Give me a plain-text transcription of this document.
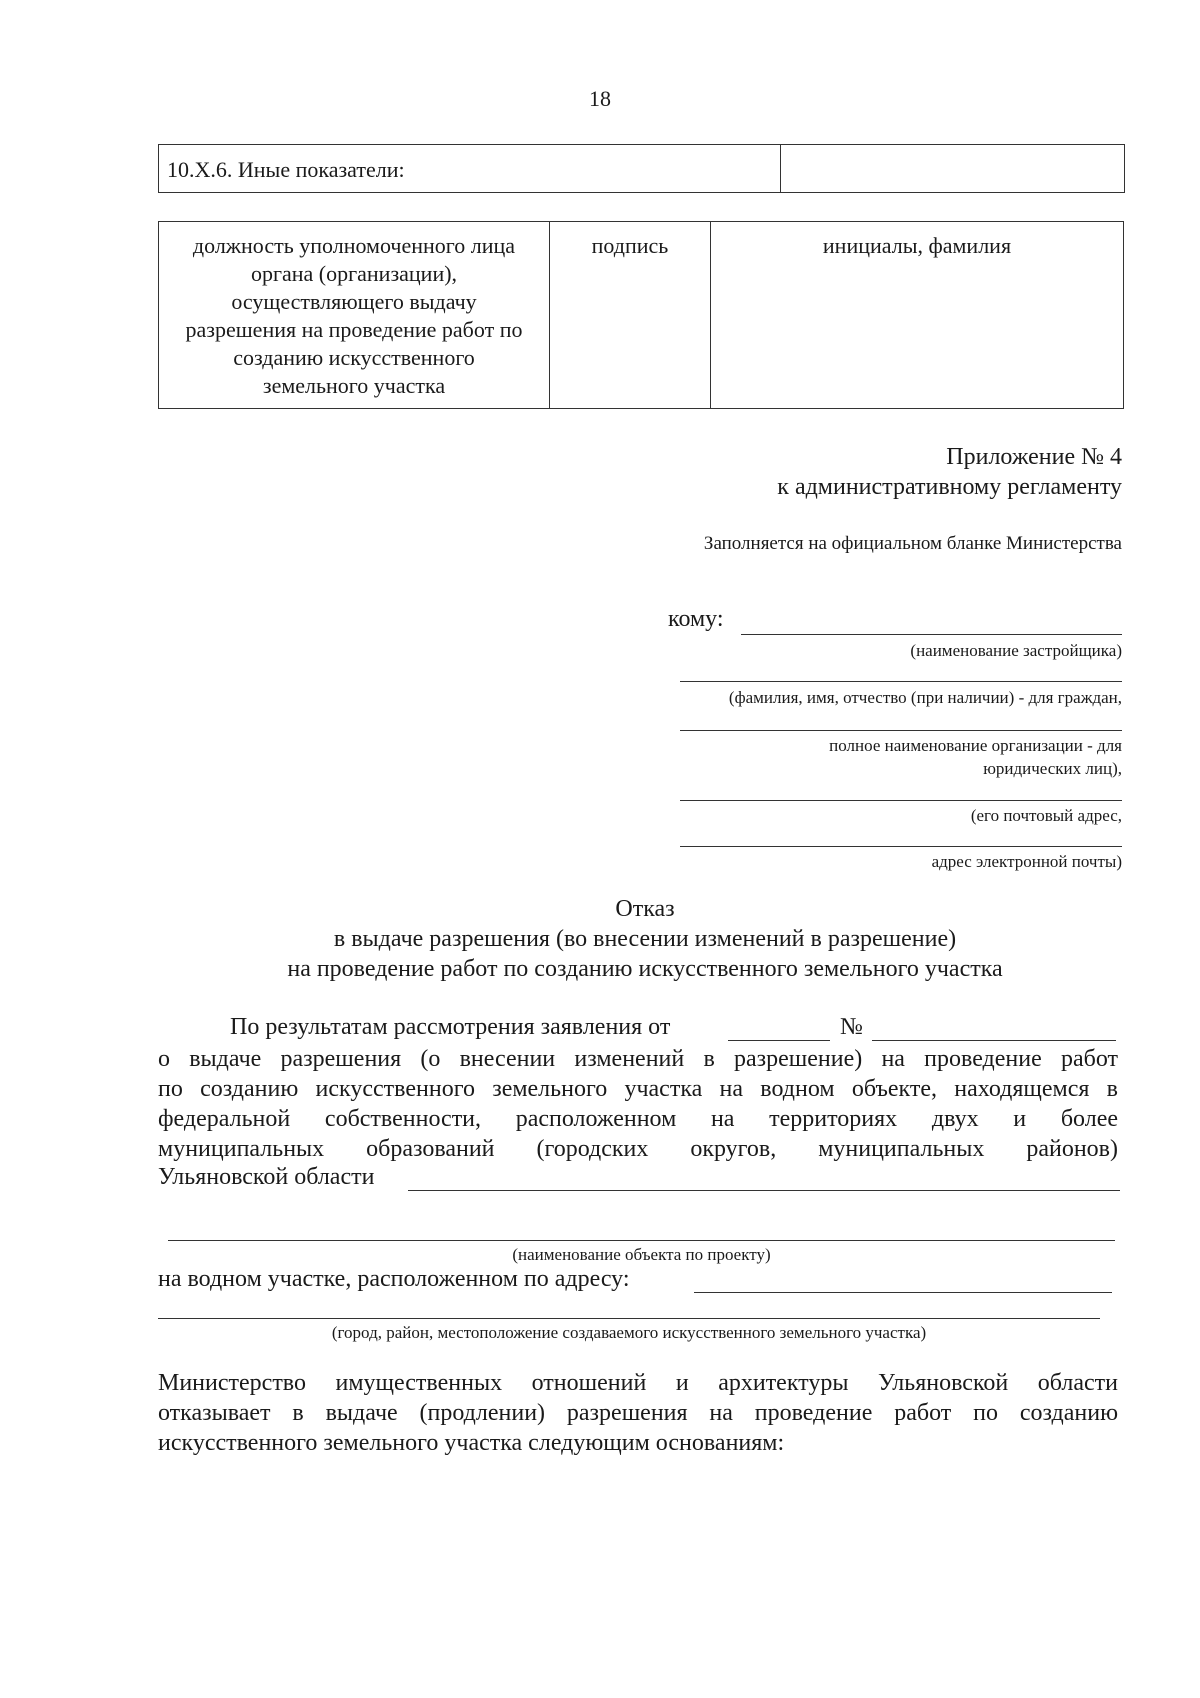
18
10.X.6. Иные показатели:
должность уполномоченного лица
органа (организации),
осуществляющего выдачу
разрешения на проведение работ по
созданию искусственного
земельного участка
подпись	инициалы, фамилия
Приложение № 4
к административному регламенту
Заполняется на официальном бланке Министерства
кому:
(наименование застройщика)
(фамилия, имя, отчество (при наличии) - для граждан,
полное наименование организации - для
юридических лиц),
(его почтовый адрес,
адрес электронной почты)
Отказ
в выдаче разрешения (во внесении изменений в разрешение)
на проведение работ по созданию искусственного земельного участка
По результатам рассмотрения заявления от	№
о выдаче разрешения (о внесении изменений в разрешение) на проведение работ
по созданию искусственного земельного участка на водном объекте, находящемся в
федеральной собственности, расположенном на территориях двух и более
муниципальных образований (городских округов, муниципальных районов)
Ульяновской области
(наименование объекта по проекту)
на водном участке, расположенном по адресу:
(город, район, местоположение создаваемого искусственного земельного участка)
Министерство имущественных отношений и архитектуры Ульяновской области
отказывает в выдаче (продлении) разрешения на проведение работ по созданию
искусственного земельного участка следующим основаниям:
